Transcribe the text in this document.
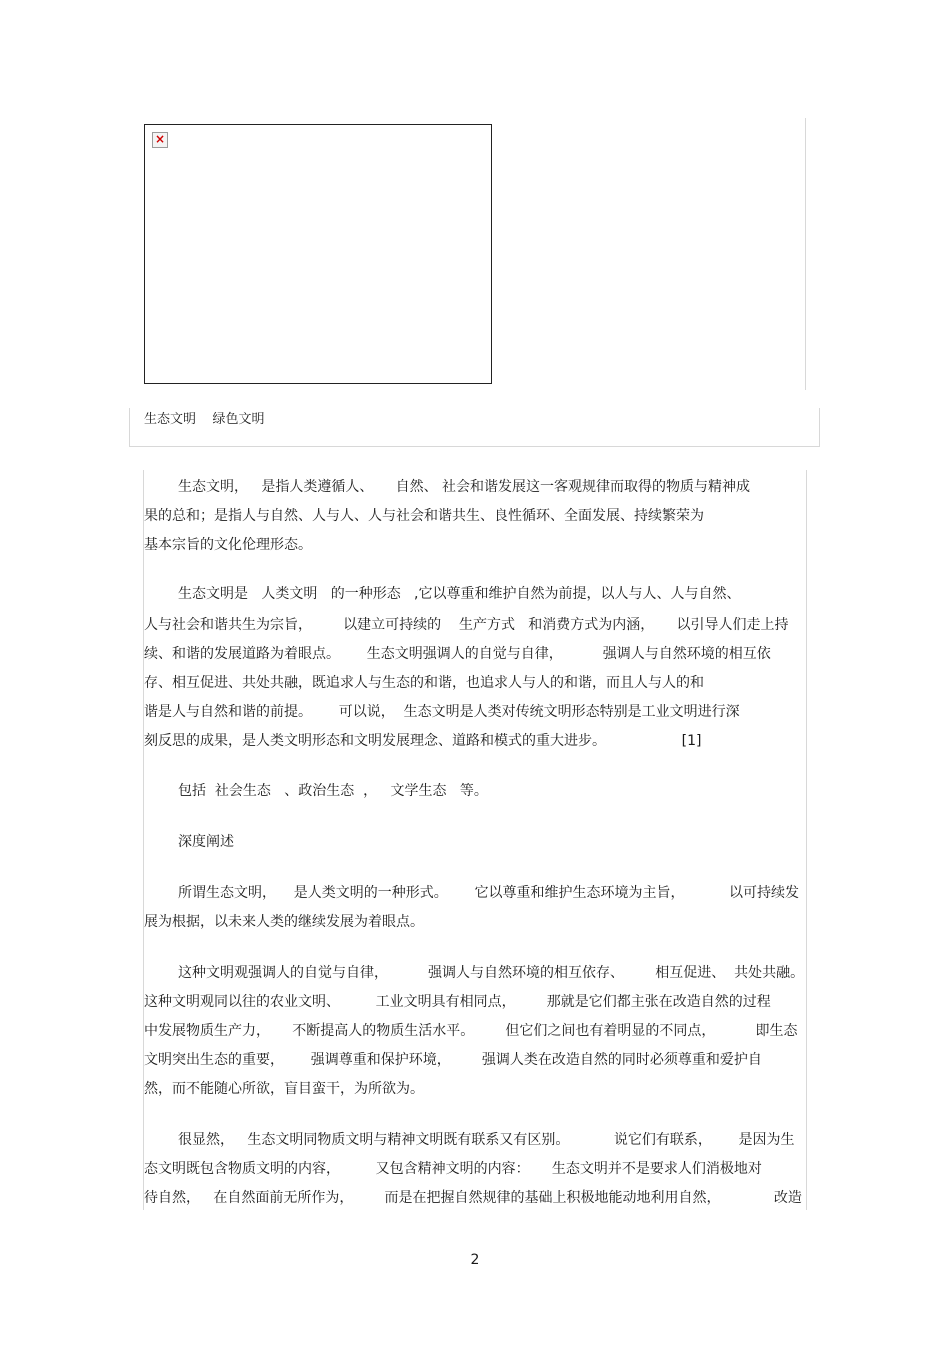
×
生态文明    绿色文明
生态文明，   是指人类遵循人、     自然、 社会和谐发展这一客观规律而取得的物质与精神成
果的总和；是指人与自然、人与人、人与社会和谐共生、良性循环、全面发展、持续繁荣为
基本宗旨的文化伦理形态。
生态文明是   人类文明   的一种形态   ,它以尊重和维护自然为前提，以人与人、人与自然、
人与社会和谐共生为宗旨，       以建立可持续的    生产方式   和消费方式为内涵，     以引导人们走上持
续、和谐的发展道路为着眼点。      生态文明强调人的自觉与自律，         强调人与自然环境的相互依
存、相互促进、共处共融，既追求人与生态的和谐，也追求人与人的和谐，而且人与人的和
谐是人与自然和谐的前提。      可以说，  生态文明是人类对传统文明形态特别是工业文明进行深
刻反思的成果，是人类文明形态和文明发展理念、道路和模式的重大进步。                 [1]
包括  社会生态   、政治生态  ，   文学生态   等。
深度阐述
所谓生态文明，    是人类文明的一种形式。      它以尊重和维护生态环境为主旨，          以可持续发
展为根据，以未来人类的继续发展为着眼点。
这种文明观强调人的自觉与自律，         强调人与自然环境的相互依存、       相互促进、  共处共融。
这种文明观同以往的农业文明、        工业文明具有相同点，       那就是它们都主张在改造自然的过程
中发展物质生产力，     不断提高人的物质生活水平。       但它们之间也有着明显的不同点，         即生态
文明突出生态的重要，      强调尊重和保护环境，       强调人类在改造自然的同时必须尊重和爱护自
然，而不能随心所欲，盲目蛮干，为所欲为。
很显然，   生态文明同物质文明与精神文明既有联系又有区别。          说它们有联系，      是因为生
态文明既包含物质文明的内容，        又包含精神文明的内容：     生态文明并不是要求人们消极地对
待自然，   在自然面前无所作为，       而是在把握自然规律的基础上积极地能动地利用自然，            改造
2
